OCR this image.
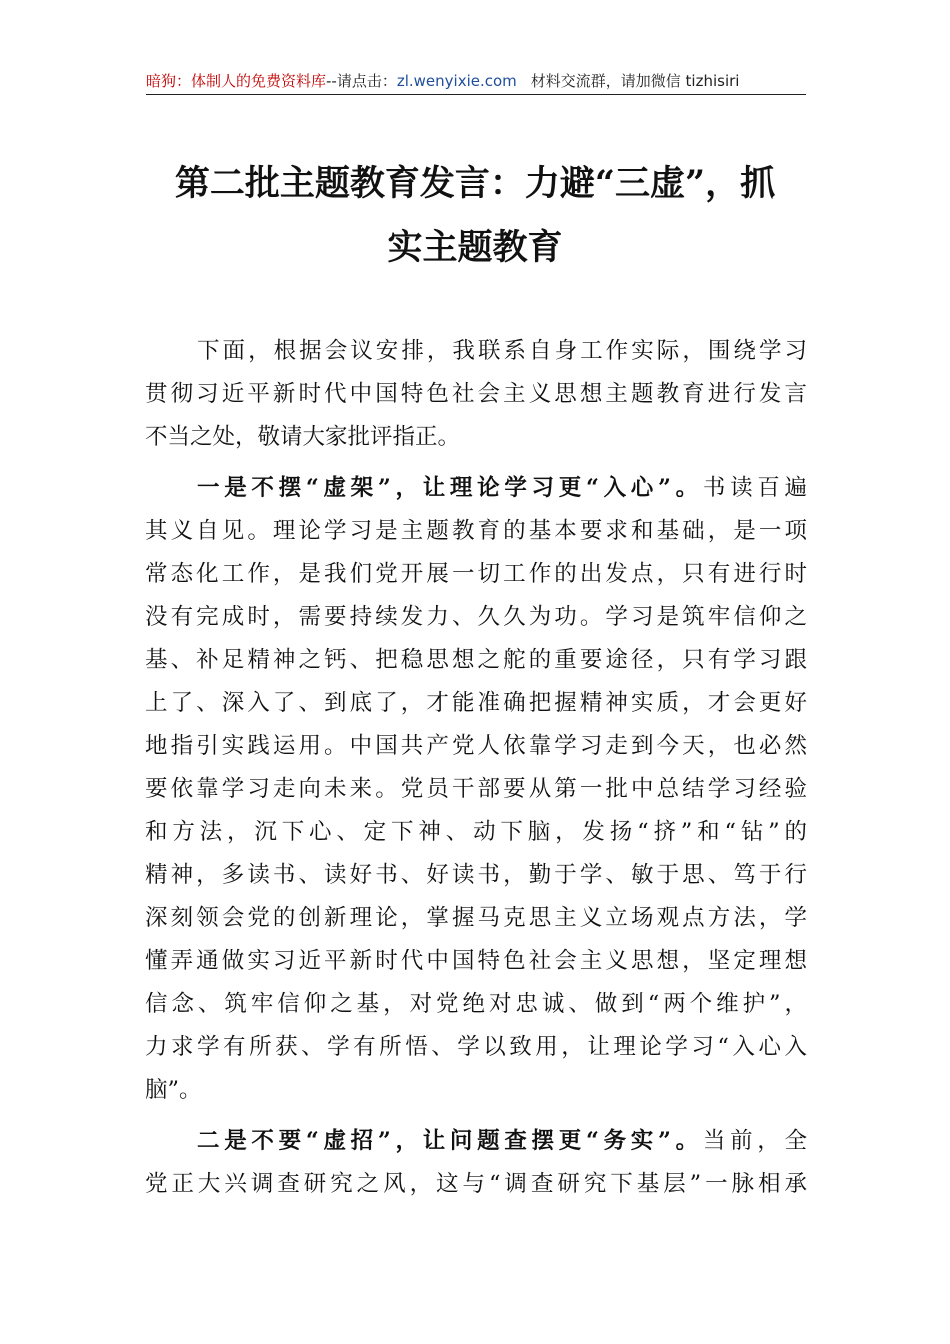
暗狗：体制人的免费资料库--请点击：zl.wenyixie.com 材料交流群，请加微信 tizhisiri
第二批主题教育发言：力避“三虚”，抓
实主题教育
下面，根据会议安排，我联系自身工作实际，围绕学习
贯彻习近平新时代中国特色社会主义思想主题教育进行发言
不当之处，敬请大家批评指正。
一是不摆“虚架”，让理论学习更“入心”。书读百遍
其义自见。理论学习是主题教育的基本要求和基础，是一项
常态化工作，是我们党开展一切工作的出发点，只有进行时
没有完成时，需要持续发力、久久为功。学习是筑牢信仰之
基、补足精神之钙、把稳思想之舵的重要途径，只有学习跟
上了、深入了、到底了，才能准确把握精神实质，才会更好
地指引实践运用。中国共产党人依靠学习走到今天，也必然
要依靠学习走向未来。党员干部要从第一批中总结学习经验
和方法，沉下心、定下神、动下脑，发扬“挤”和“钻”的
精神，多读书、读好书、好读书，勤于学、敏于思、笃于行
深刻领会党的创新理论，掌握马克思主义立场观点方法，学
懂弄通做实习近平新时代中国特色社会主义思想，坚定理想
信念、筑牢信仰之基，对党绝对忠诚、做到“两个维护”，
力求学有所获、学有所悟、学以致用，让理论学习“入心入
脑”。
二是不要“虚招”，让问题查摆更“务实”。当前，全
党正大兴调查研究之风，这与“调查研究下基层”一脉相承
